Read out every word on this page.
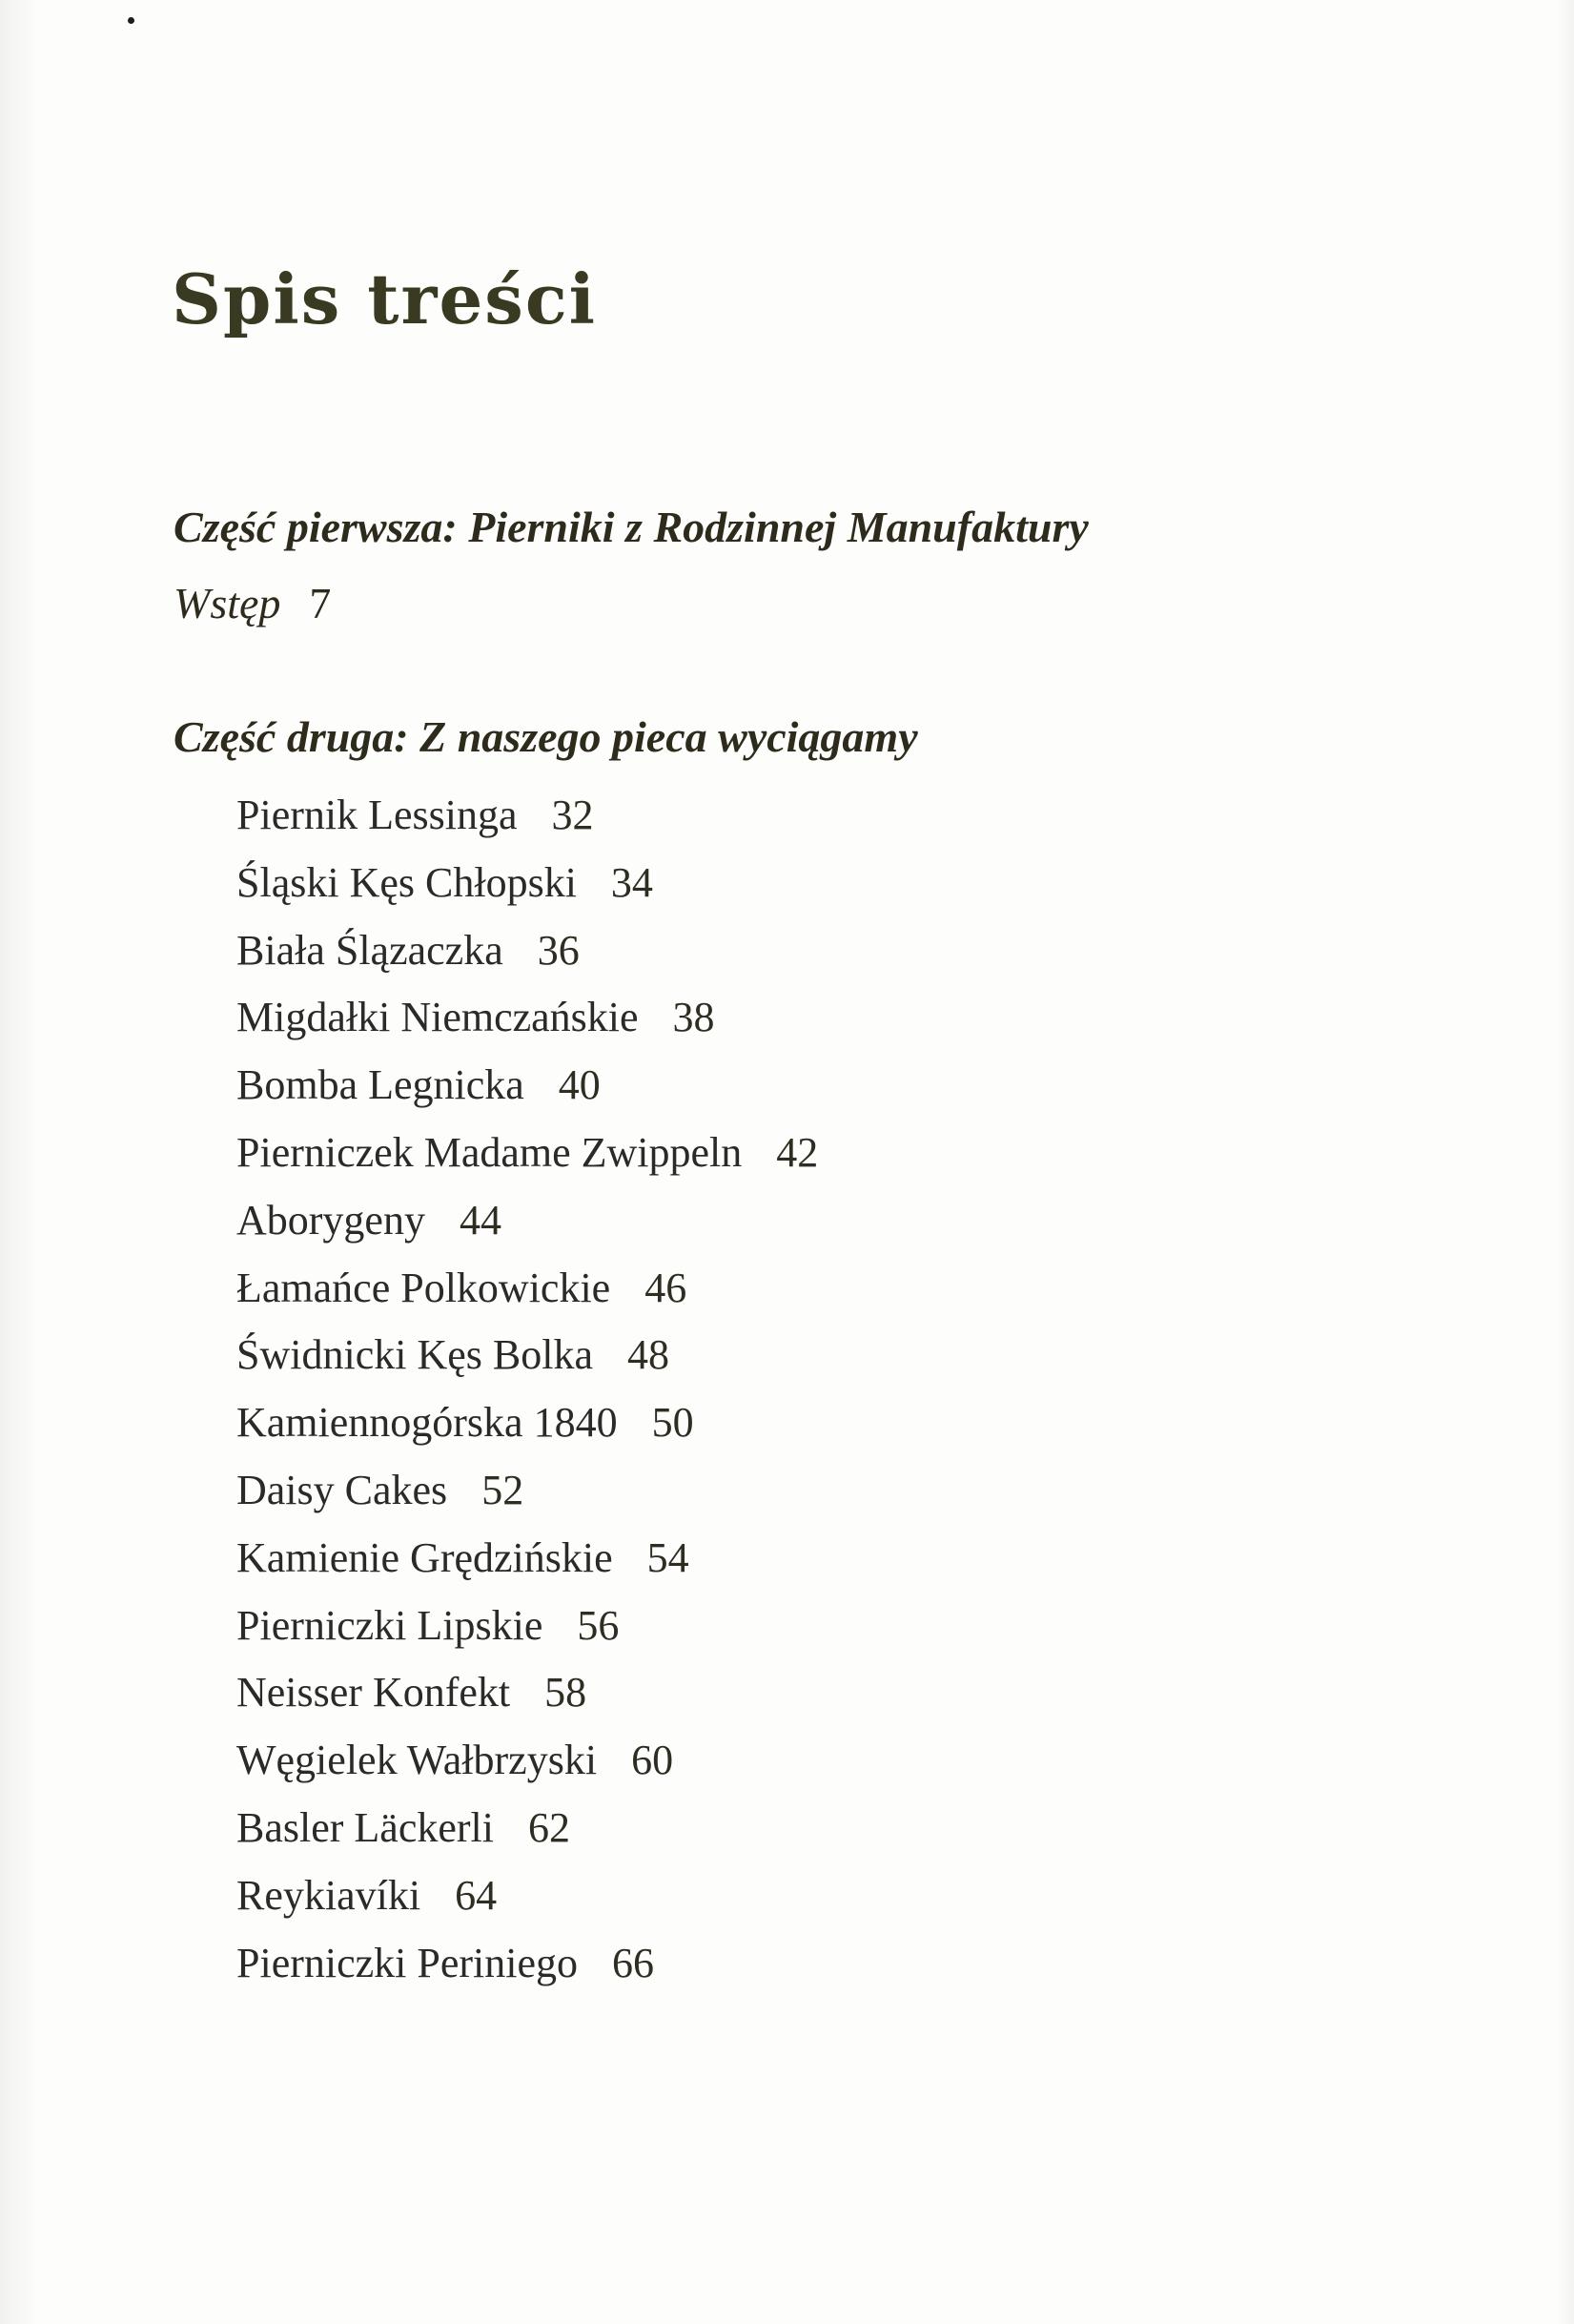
Spis treści
Część pierwsza: Pierniki z Rodzinnej Manufaktury
Wstęp 7
Część druga: Z naszego pieca wyciągamy
Piernik Lessinga 32
Śląski Kęs Chłopski 34
Biała Ślązaczka 36
Migdałki Niemczańskie 38
Bomba Legnicka 40
Pierniczek Madame Zwippeln 42
Aborygeny 44
Łamańce Polkowickie 46
Świdnicki Kęs Bolka 48
Kamiennogórska 1840 50
Daisy Cakes 52
Kamienie Grędzińskie 54
Pierniczki Lipskie 56
Neisser Konfekt 58
Węgielek Wałbrzyski 60
Basler Läckerli 62
Reykiavíki 64
Pierniczki Periniego 66
